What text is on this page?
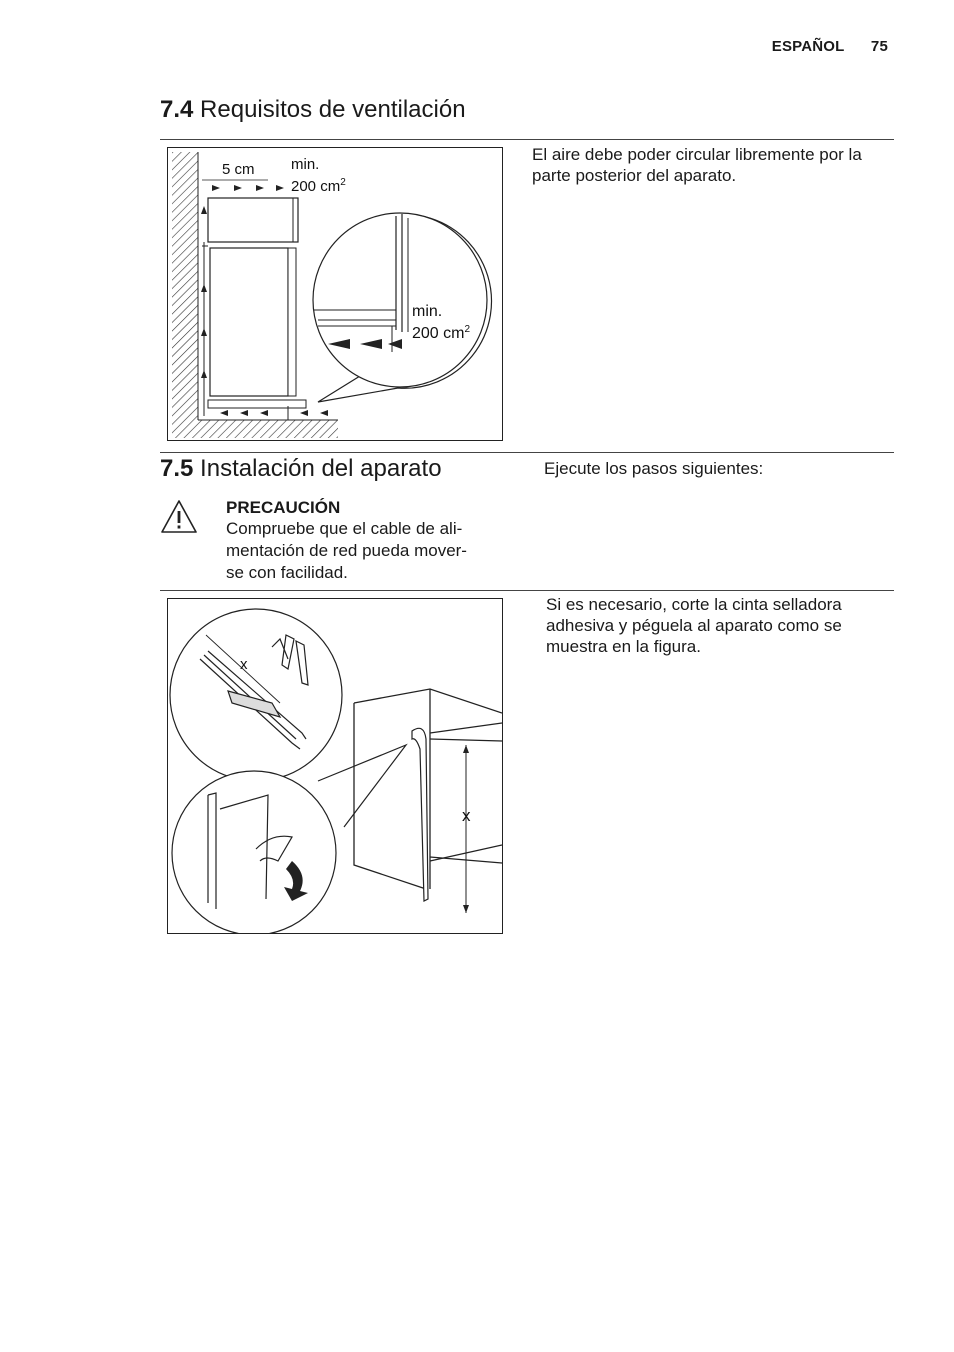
ESPAÑOL 75
7.4 Requisitos de ventilación
5 cm min.
200 $cm^2$
min.
200 $cm^2$

El aire debe poder circular libremente por la parte posterior del aparato.

7.5 Instalación del aparato	Ejecute los pasos siguientes:

PRECAUCIÓN
Compruebe que el cable de ali-
mentación de red pueda mover-
se con facilidad.
x
x

Si es necesario, corte la cinta selladora adhesiva y péguela al aparato como se muestra en la figura.
